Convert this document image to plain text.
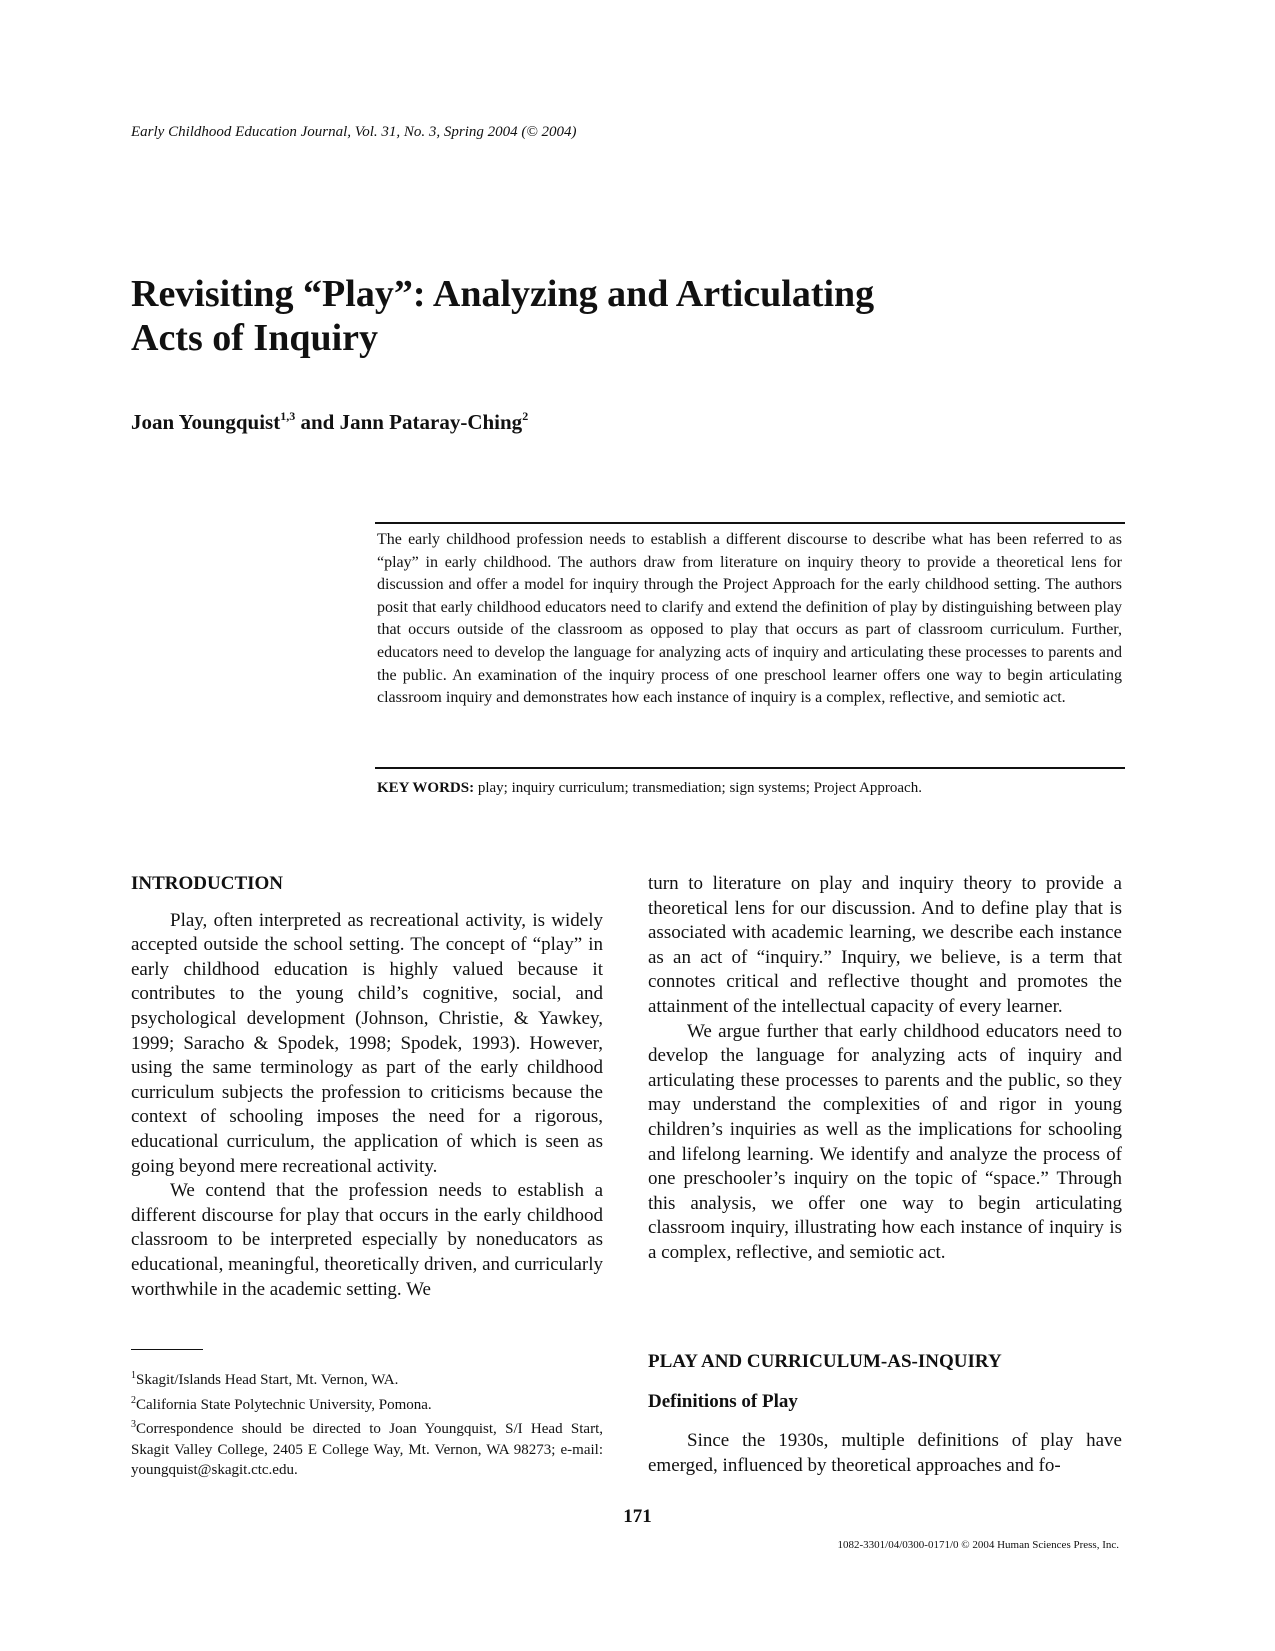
Early Childhood Education Journal, Vol. 31, No. 3, Spring 2004 (© 2004)
Revisiting “Play”: Analyzing and Articulating Acts of Inquiry
Joan Youngquist$^{1,3}$ and Jann Pataray-Ching$^2$
The early childhood profession needs to establish a different discourse to describe what has been referred to as “play” in early childhood. The authors draw from literature on inquiry theory to provide a theoretical lens for discussion and offer a model for inquiry through the Project Approach for the early childhood setting. The authors posit that early childhood educators need to clarify and extend the definition of play by distinguishing between play that occurs outside of the classroom as opposed to play that occurs as part of classroom curriculum. Further, educators need to develop the language for analyzing acts of inquiry and articulating these processes to parents and the public. An examination of the inquiry process of one preschool learner offers one way to begin articulating classroom inquiry and demonstrates how each instance of inquiry is a complex, reflective, and semiotic act.
KEY WORDS: play; inquiry curriculum; transmediation; sign systems; Project Approach.

INTRODUCTION

Play, often interpreted as recreational activity, is widely accepted outside the school setting. The concept of “play” in early childhood education is highly valued because it contributes to the young child’s cognitive, social, and psychological development (Johnson, Christie, & Yawkey, 1999; Saracho & Spodek, 1998; Spodek, 1993). However, using the same terminology as part of the early childhood curriculum subjects the profession to criticisms because the context of schooling imposes the need for a rigorous, educational curriculum, the application of which is seen as going beyond mere recreational activity.

We contend that the profession needs to establish a different discourse for play that occurs in the early childhood classroom to be interpreted especially by noneducators as educational, meaningful, theoretically driven, and curricularly worthwhile in the academic setting. We

turn to literature on play and inquiry theory to provide a theoretical lens for our discussion. And to define play that is associated with academic learning, we describe each instance as an act of “inquiry.” Inquiry, we believe, is a term that connotes critical and reflective thought and promotes the attainment of the intellectual capacity of every learner.

We argue further that early childhood educators need to develop the language for analyzing acts of inquiry and articulating these processes to parents and the public, so they may understand the complexities of and rigor in young children’s inquiries as well as the implications for schooling and lifelong learning. We identify and analyze the process of one preschooler’s inquiry on the topic of “space.” Through this analysis, we offer one way to begin articulating classroom inquiry, illustrating how each instance of inquiry is a complex, reflective, and semiotic act.

PLAY AND CURRICULUM-AS-INQUIRY

Definitions of Play

Since the 1930s, multiple definitions of play have emerged, influenced by theoretical approaches and fo-

$^1$Skagit/Islands Head Start, Mt. Vernon, WA.

$^2$California State Polytechnic University, Pomona.

$^3$Correspondence should be directed to Joan Youngquist, S/I Head Start, Skagit Valley College, 2405 E College Way, Mt. Vernon, WA 98273; e-mail: youngquist@skagit.ctc.edu.

171
1082-3301/04/0300-0171/0 © 2004 Human Sciences Press, Inc.
